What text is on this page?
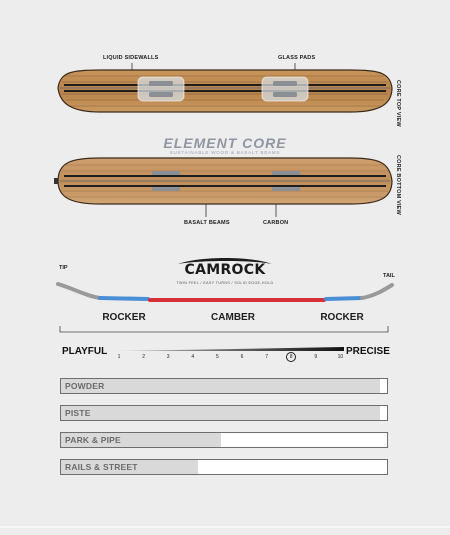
LIQUID SIDEWALLS	GLASS PADS
BASALT BEAMS	CARBON
CORE TOP VIEW
CORE BOTTOM VIEW
ELEMENT CORE
SUSTAINABLE WOOD & BASALT BEAMS
CAMROCK
TWIN FEEL / EASY TURNS / SOLID EDGE-HOLD
TIP
TAIL
ROCKER	CAMBER	ROCKER
PLAYFUL	PRECISE
1	2	3	4	5	6	7	8	9	10
POWDER
PISTE
PARK & PIPE
RAILS & STREET
